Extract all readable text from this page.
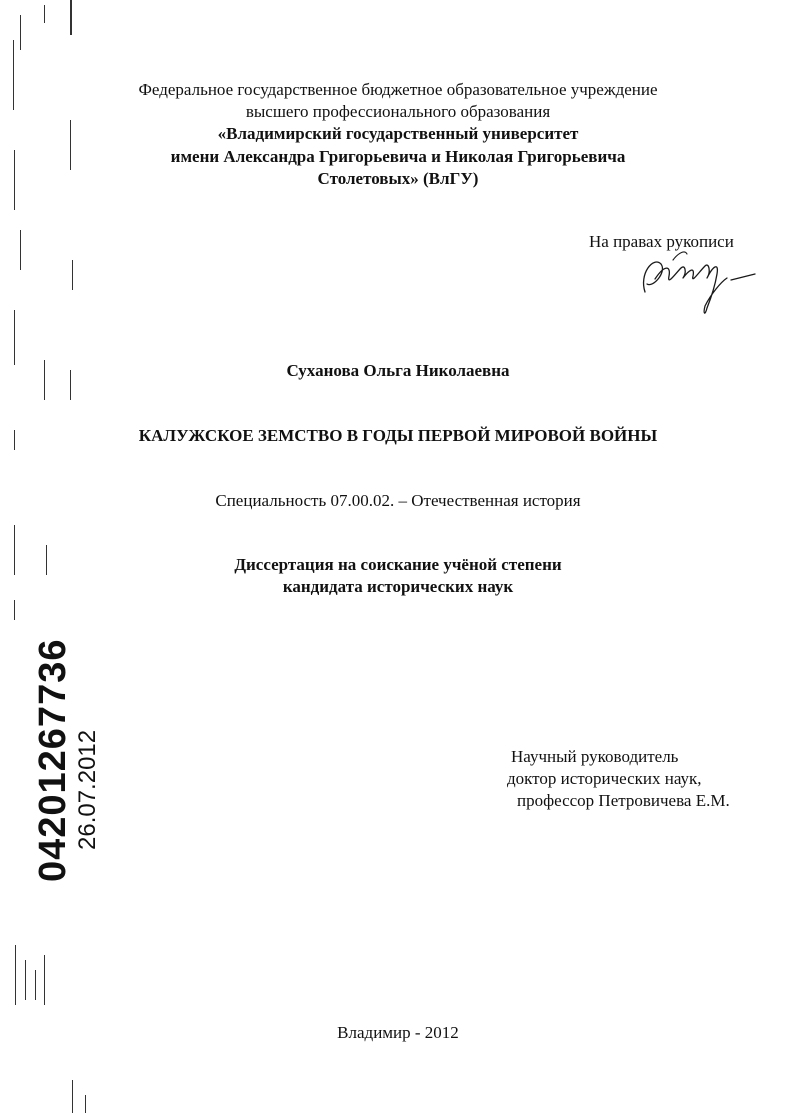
04201267736 26.07.2012
Федеральное государственное бюджетное образовательное учреждение
высшего профессионального образования
«Владимирский государственный университет
имени Александра Григорьевича и Николая Григорьевича
Столетовых» (ВлГУ)
На правах рукописи
Суханова Ольга Николаевна
КАЛУЖСКОЕ ЗЕМСТВО В ГОДЫ ПЕРВОЙ МИРОВОЙ ВОЙНЫ
Специальность 07.00.02. – Отечественная история
Диссертация на соискание учёной степени
кандидата исторических наук
Научный руководитель
доктор исторических наук,
профессор Петровичева Е.М.
Владимир - 2012
